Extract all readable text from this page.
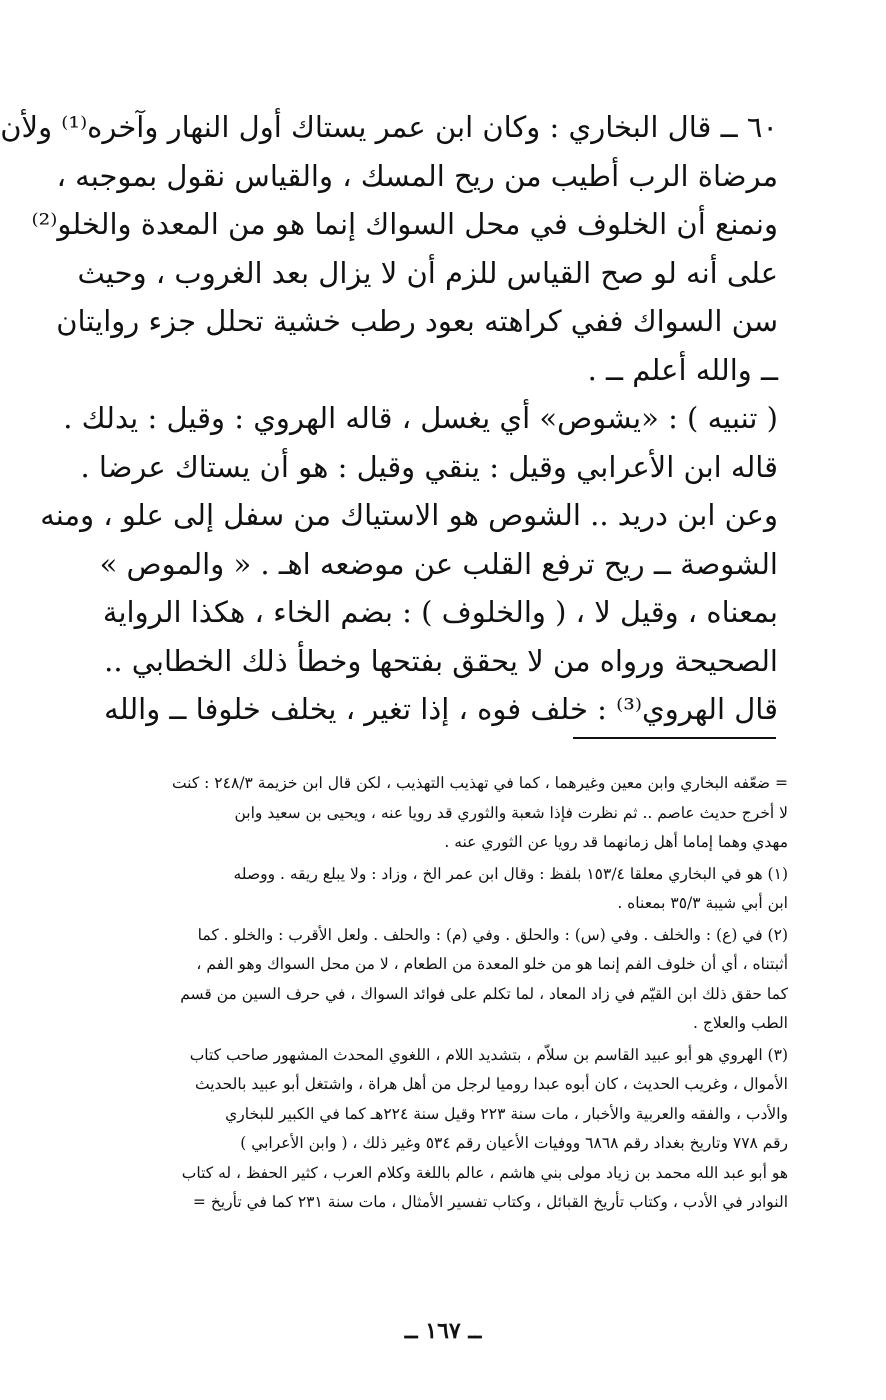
٦٠ ــ قال البخاري : وكان ابن عمر يستاك أول النهار وآخره⁽¹⁾ ولأن
مرضاة الرب أطيب من ريح المسك ، والقياس نقول بموجبه ،
ونمنع أن الخلوف في محل السواك إنما هو من المعدة والخلو⁽²⁾
على أنه لو صح القياس للزم أن لا يزال بعد الغروب ، وحيث
سن السواك ففي كراهته بعود رطب خشية تحلل جزء روايتان
ــ والله أعلم ــ .
( تنبيه ) : «يشوص» أي يغسل ، قاله الهروي : وقيل : يدلك .
قاله ابن الأعرابي وقيل : ينقي وقيل : هو أن يستاك عرضا .
وعن ابن دريد .. الشوص هو الاستياك من سفل إلى علو ، ومنه
الشوصة ــ ريح ترفع القلب عن موضعه اهـ . « والموص »
بمعناه ، وقيل لا ، ( والخلوف ) : بضم الخاء ، هكذا الرواية
الصحيحة ورواه من لا يحقق بفتحها وخطأ ذلك الخطابي ..
قال الهروي⁽³⁾ : خلف فوه ، إذا تغير ، يخلف خلوفا ــ والله
= ضعّفه البخاري وابن معين وغيرهما ، كما في تهذيب التهذيب ، لكن قال ابن خزيمة ٢٤٨/٣ : كنت
لا أخرج حديث عاصم .. ثم نظرت فإذا شعبة والثوري قد رويا عنه ، ويحيى بن سعيد وابن
مهدي وهما إماما أهل زمانهما قد رويا عن الثوري عنه .
(١) هو في البخاري معلقا ١٥٣/٤ بلفظ : وقال ابن عمر الخ ، وزاد : ولا يبلع ريقه . ووصله
ابن أبي شيبة ٣٥/٣ بمعناه .
(٢) في (ع) : والخلف . وفي (س) : والحلق . وفي (م) : والحلف . ولعل الأقرب : والخلو . كما
أثبتناه ، أي أن خلوف الفم إنما هو من خلو المعدة من الطعام ، لا من محل السواك وهو الفم ،
كما حقق ذلك ابن القيّم في زاد المعاد ، لما تكلم على فوائد السواك ، في حرف السين من قسم
الطب والعلاج .
(٣) الهروي هو أبو عبيد القاسم بن سلاّم ، بتشديد اللام ، اللغوي المحدث المشهور صاحب كتاب
الأموال ، وغريب الحديث ، كان أبوه عبدا روميا لرجل من أهل هراة ، واشتغل أبو عبيد بالحديث
والأدب ، والفقه والعربية والأخبار ، مات سنة ٢٢٣ وقيل سنة ٢٢٤هـ كما في الكبير للبخاري
رقم ٧٧٨ وتاريخ بغداد رقم ٦٨٦٨ ووفيات الأعيان رقم ٥٣٤ وغير ذلك ، ( وابن الأعرابي )
هو أبو عبد الله محمد بن زياد مولى بني هاشم ، عالم باللغة وكلام العرب ، كثير الحفظ ، له كتاب
النوادر في الأدب ، وكتاب تأريخ القبائل ، وكتاب تفسير الأمثال ، مات سنة ٢٣١ كما في تأريخ =
ــ ١٦٧ ــ
